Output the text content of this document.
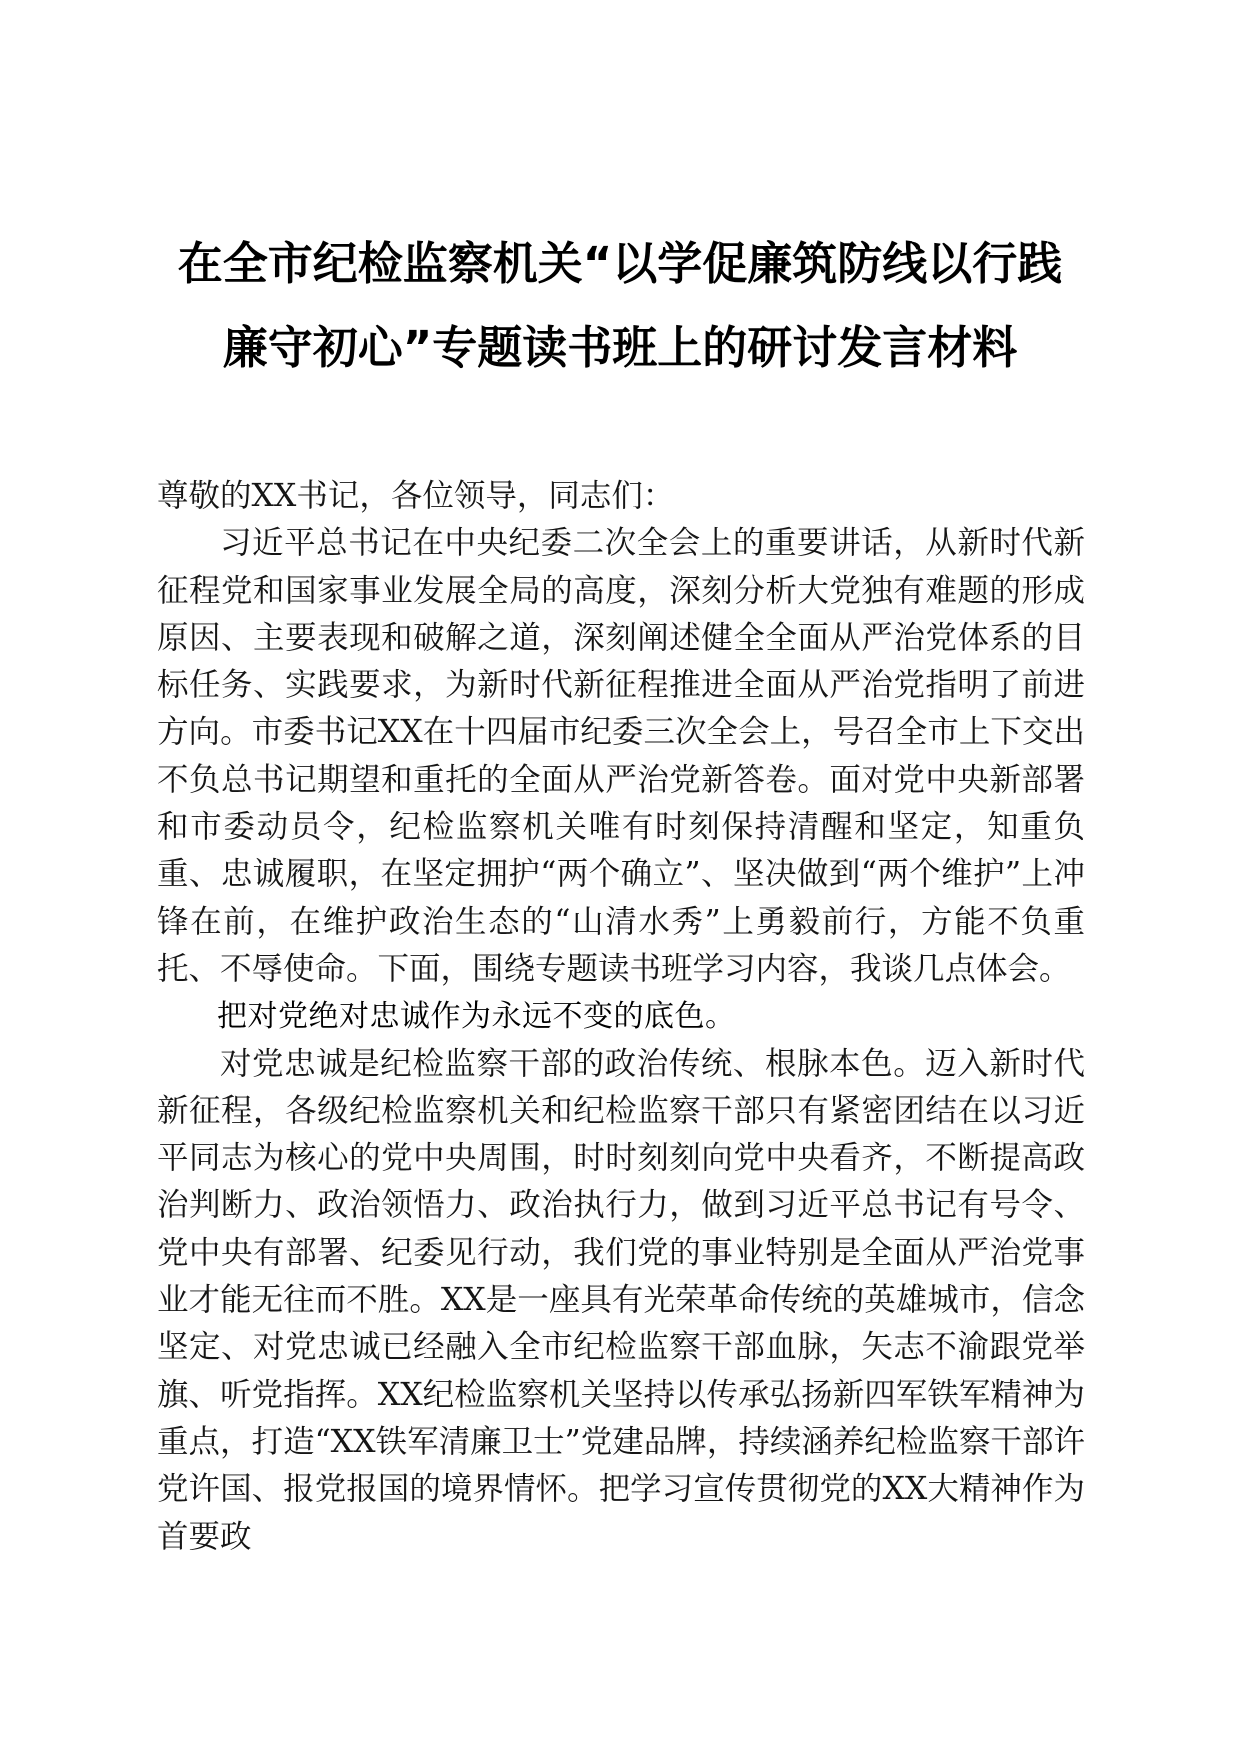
在全市纪检监察机关“以学促廉筑防线以行践
廉守初心”专题读书班上的研讨发言材料

尊敬的XX书记，各位领导，同志们：

习近平总书记在中央纪委二次全会上的重要讲话，从新时代新征程党和国家事业发展全局的高度，深刻分析大党独有难题的形成原因、主要表现和破解之道，深刻阐述健全全面从严治党体系的目标任务、实践要求，为新时代新征程推进全面从严治党指明了前进方向。市委书记XX在十四届市纪委三次全会上，号召全市上下交出不负总书记期望和重托的全面从严治党新答卷。面对党中央新部署和市委动员令，纪检监察机关唯有时刻保持清醒和坚定，知重负重、忠诚履职，在坚定拥护“两个确立”、坚决做到“两个维护”上冲锋在前，在维护政治生态的“山清水秀”上勇毅前行，方能不负重托、不辱使命。下面，围绕专题读书班学习内容，我谈几点体会。

把对党绝对忠诚作为永远不变的底色。

对党忠诚是纪检监察干部的政治传统、根脉本色。迈入新时代新征程，各级纪检监察机关和纪检监察干部只有紧密团结在以习近平同志为核心的党中央周围，时时刻刻向党中央看齐，不断提高政治判断力、政治领悟力、政治执行力，做到习近平总书记有号令、党中央有部署、纪委见行动，我们党的事业特别是全面从严治党事业才能无往而不胜。XX是一座具有光荣革命传统的英雄城市，信念坚定、对党忠诚已经融入全市纪检监察干部血脉，矢志不渝跟党举旗、听党指挥。XX纪检监察机关坚持以传承弘扬新四军铁军精神为重点，打造“XX铁军清廉卫士”党建品牌，持续涵养纪检监察干部许党许国、报党报国的境界情怀。把学习宣传贯彻党的XX大精神作为首要政
